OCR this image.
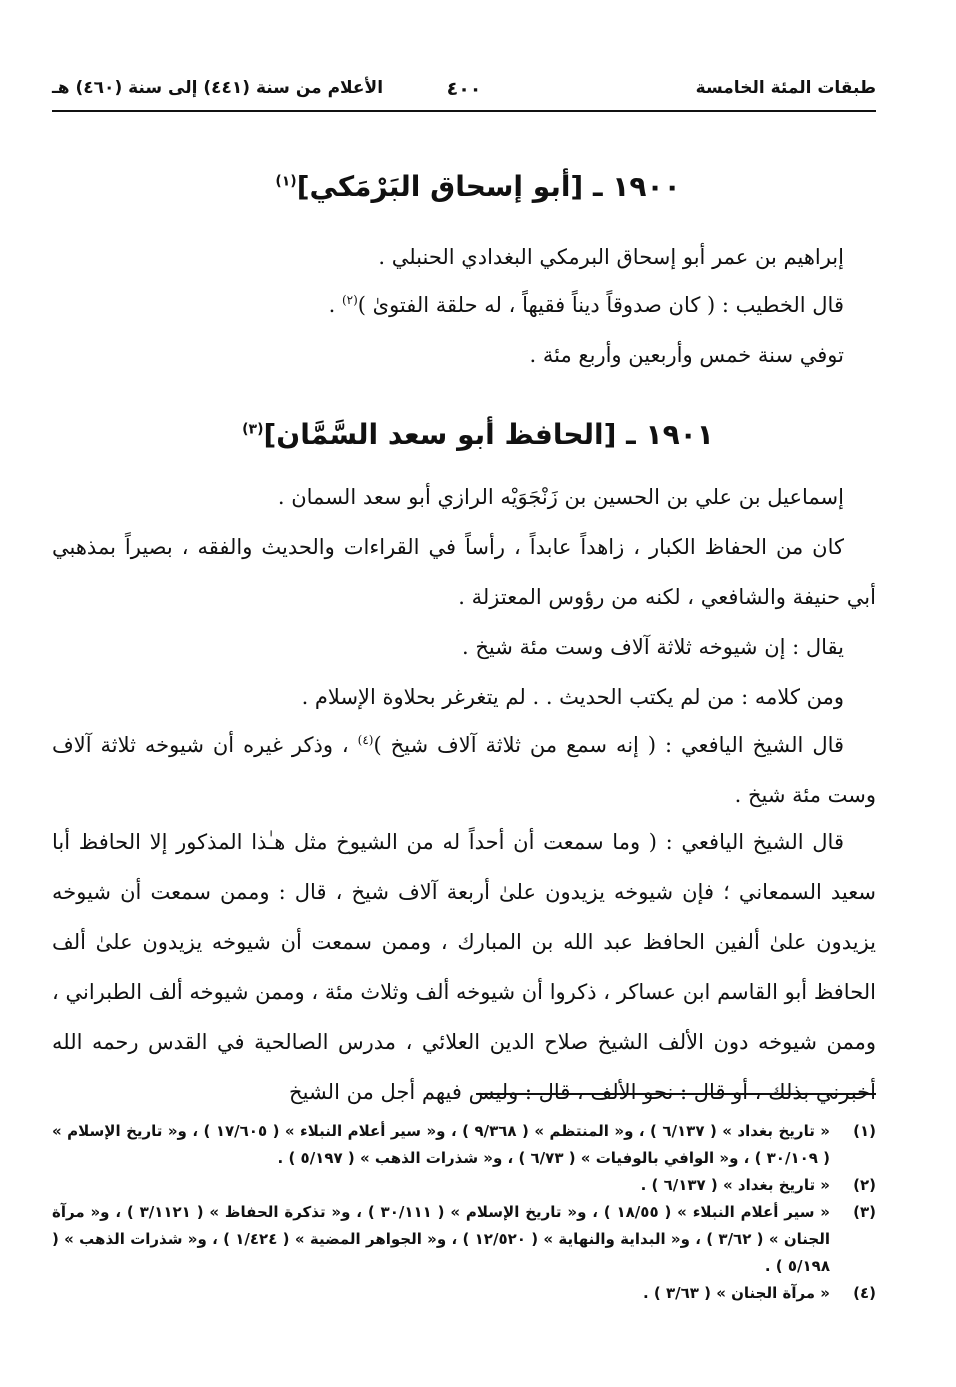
طبقات المئة الخامسة
٤٠٠
الأعلام من سنة (٤٤١) إلى سنة (٤٦٠) هـ
١٩٠٠ ـ [أبو إسحاق البَرْمَكي]$^{(١)}$
إبراهيم بن عمر أبو إسحاق البرمكي البغدادي الحنبلي .
قال الخطيب : ( كان صدوقاً ديناً فقيهاً ، له حلقة الفتوىٰ )$^{(٢)}$ .
توفي سنة خمس وأربعين وأربع مئة .
١٩٠١ ـ [الحافظ أبو سعد السَّمَّان]$^{(٣)}$
إسماعيل بن علي بن الحسين بن زَنْجَوَيْه الرازي أبو سعد السمان .
كان من الحفاظ الكبار ، زاهداً عابداً ، رأساً في القراءات والحديث والفقه ، بصيراً بمذهبي أبي حنيفة والشافعي ، لكنه من رؤوس المعتزلة .
يقال : إن شيوخه ثلاثة آلاف وست مئة شيخ .
ومن كلامه : من لم يكتب الحديث . . لم يتغرغر بحلاوة الإسلام .
قال الشيخ اليافعي : ( إنه سمع من ثلاثة آلاف شيخ )$^{(٤)}$ ، وذكر غيره أن شيوخه ثلاثة آلاف وست مئة شيخ .
قال الشيخ اليافعي : ( وما سمعت أن أحداً له من الشيوخ مثل هـٰذا المذكور إلا الحافظ أبا سعيد السمعاني ؛ فإن شيوخه يزيدون علىٰ أربعة آلاف شيخ ، قال : وممن سمعت أن شيوخه يزيدون علىٰ ألفين الحافظ عبد الله بن المبارك ، وممن سمعت أن شيوخه يزيدون علىٰ ألف الحافظ أبو القاسم ابن عساكر ، ذكروا أن شيوخه ألف وثلاث مئة ، وممن شيوخه ألف الطبراني ، وممن شيوخه دون الألف الشيخ صلاح الدين العلائي ، مدرس الصالحية في القدس رحمه الله أخبرني بذلك ، أو قال : نحو الألف ، قال : وليس فيهم أجل من الشيخ
(١)
« تاريخ بغداد » ( ٦/١٣٧ ) ، و« المنتظم » ( ٩/٣٦٨ ) ، و« سير أعلام النبلاء » ( ١٧/٦٠٥ ) ، و« تاريخ الإسلام » ( ٣٠/١٠٩ ) ، و« الوافي بالوفيات » ( ٦/٧٣ ) ، و« شذرات الذهب » ( ٥/١٩٧ ) .
(٢)
« تاريخ بغداد » ( ٦/١٣٧ ) .
(٣)
« سير أعلام النبلاء » ( ١٨/٥٥ ) ، و« تاريخ الإسلام » ( ٣٠/١١١ ) ، و« تذكرة الحفاظ » ( ٣/١١٢١ ) ، و« مرآة الجنان » ( ٣/٦٢ ) ، و« البداية والنهاية » ( ١٢/٥٢٠ ) ، و« الجواهر المضية » ( ١/٤٢٤ ) ، و« شذرات الذهب » ( ٥/١٩٨ ) .
(٤)
« مرآة الجنان » ( ٣/٦٣ ) .
